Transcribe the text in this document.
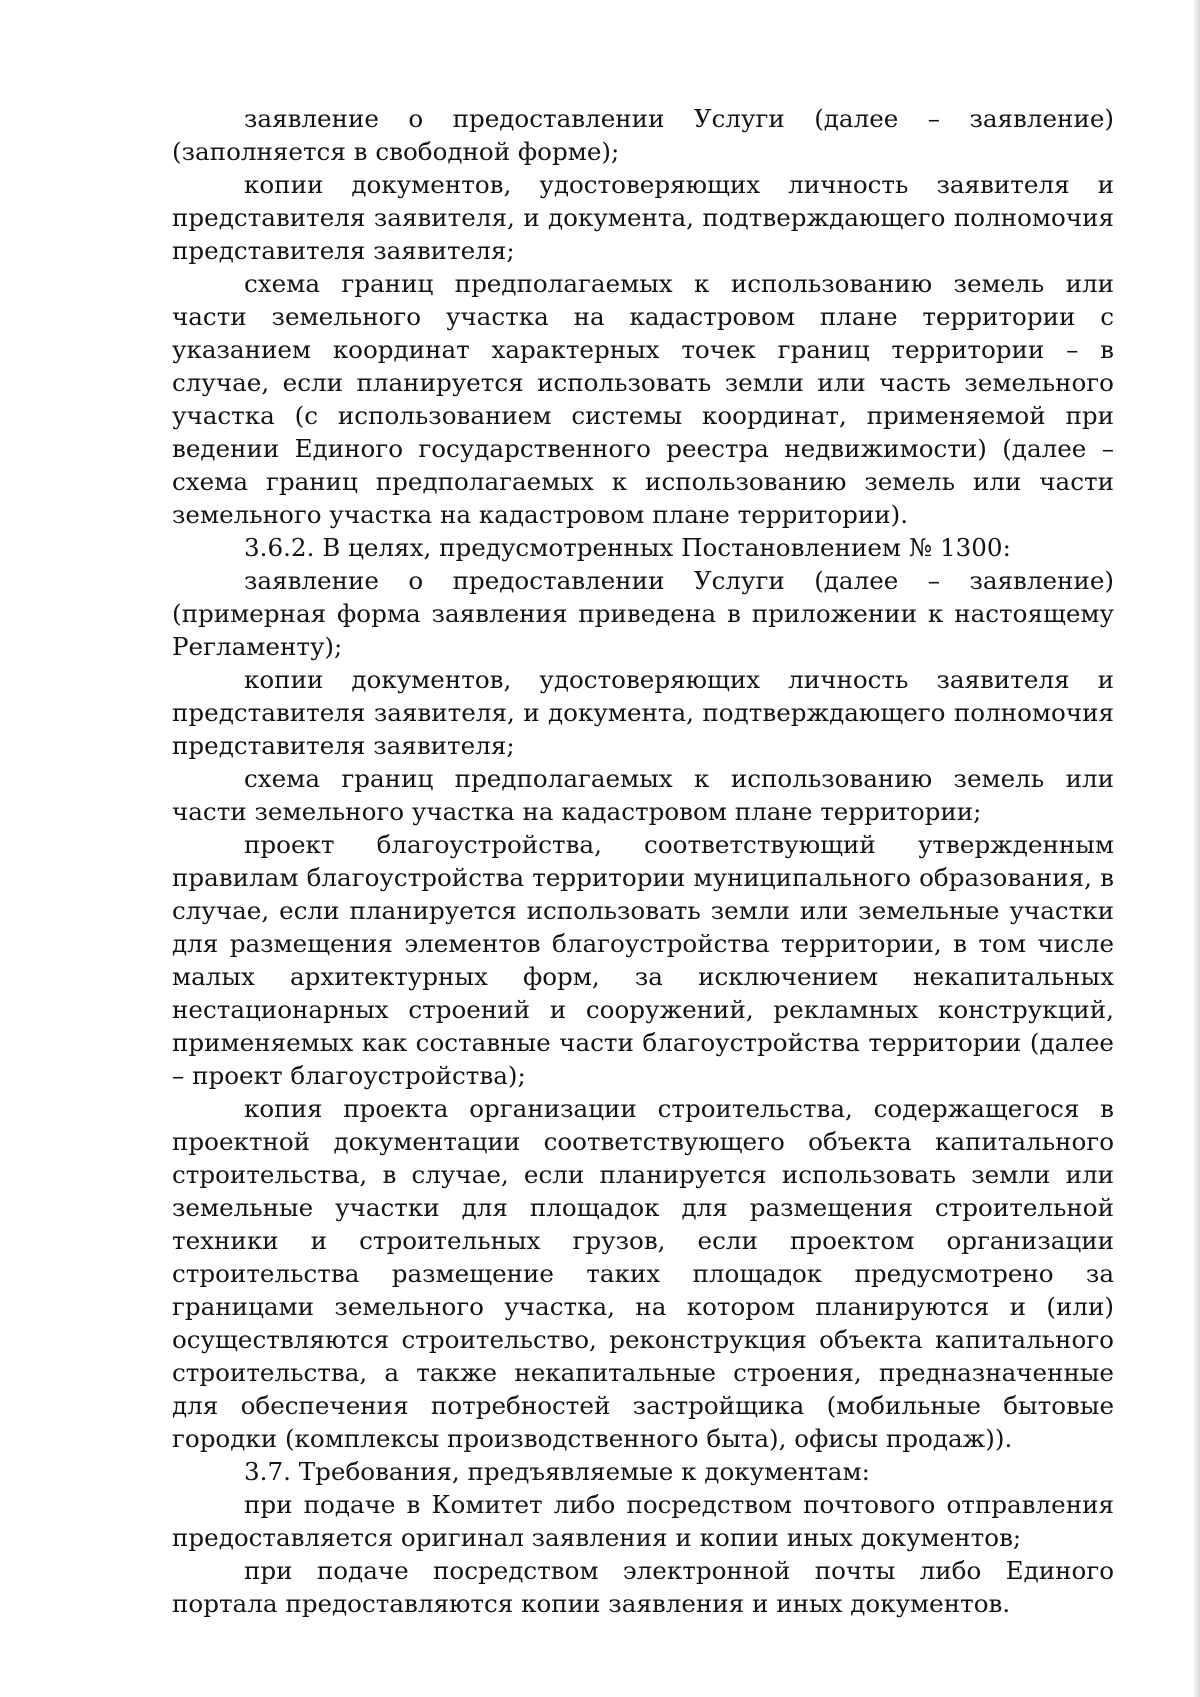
заявление о предоставлении Услуги (далее – заявление) (заполняется в свободной форме);

копии документов, удостоверяющих личность заявителя и представителя заявителя, и документа, подтверждающего полномочия представителя заявителя;

схема границ предполагаемых к использованию земель или части земельного участка на кадастровом плане территории с указанием координат характерных точек границ территории – в случае, если планируется использовать земли или часть земельного участка (с использованием системы координат, применяемой при ведении Единого государственного реестра недвижимости) (далее – схема границ предполагаемых к использованию земель или части земельного участка на кадастровом плане территории).

3.6.2. В целях, предусмотренных Постановлением № 1300:

заявление о предоставлении Услуги (далее – заявление) (примерная форма заявления приведена в приложении к настоящему Регламенту);

копии документов, удостоверяющих личность заявителя и представителя заявителя, и документа, подтверждающего полномочия представителя заявителя;

схема границ предполагаемых к использованию земель или части земельного участка на кадастровом плане территории;

проект благоустройства, соответствующий утвержденным правилам благоустройства территории муниципального образования, в случае, если планируется использовать земли или земельные участки для размещения элементов благоустройства территории, в том числе малых архитектурных форм, за исключением некапитальных нестационарных строений и сооружений, рекламных конструкций, применяемых как составные части благоустройства территории (далее – проект благоустройства);

копия проекта организации строительства, содержащегося в проектной документации соответствующего объекта капитального строительства, в случае, если планируется использовать земли или земельные участки для площадок для размещения строительной техники и строительных грузов, если проектом организации строительства размещение таких площадок предусмотрено за границами земельного участка, на котором планируются и (или) осуществляются строительство, реконструкция объекта капитального строительства, а также некапитальные строения, предназначенные для обеспечения потребностей застройщика (мобильные бытовые городки (комплексы производственного быта), офисы продаж)).

3.7. Требования, предъявляемые к документам:

при подаче в Комитет либо посредством почтового отправления предоставляется оригинал заявления и копии иных документов;

при подаче посредством электронной почты либо Единого портала предоставляются копии заявления и иных документов.
